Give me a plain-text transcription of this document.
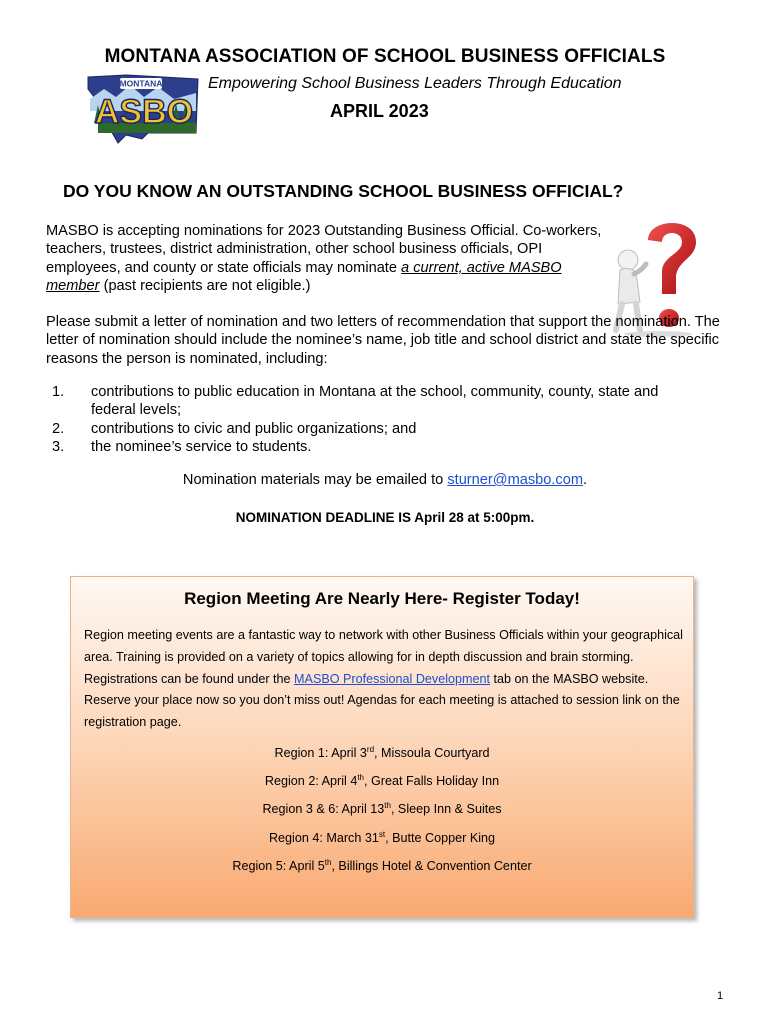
MONTANA ASSOCIATION OF SCHOOL BUSINESS OFFICIALS
MONTANA
ASBO
Empowering School Business Leaders Through Education
APRIL 2023
DO YOU KNOW AN OUTSTANDING SCHOOL BUSINESS OFFICIAL?
MASBO is accepting nominations for 2023 Outstanding Business Official. Co-workers, teachers, trustees, district administration, other school business officials, OPI employees, and county or state officials may nominate a current, active MASBO member (past recipients are not eligible.)
Please submit a letter of nomination and two letters of recommendation that support the nomination. The letter of nomination should include the nominee’s name, job title and school district and state the specific reasons the person is nominated, including:
1. contributions to public education in Montana at the school, community, county, state and federal levels;
2. contributions to civic and public organizations; and
3. the nominee’s service to students.
Nomination materials may be emailed to sturner@masbo.com.
NOMINATION DEADLINE IS April 28 at 5:00pm.
Region Meeting Are Nearly Here- Register Today!
Region meeting events are a fantastic way to network with other Business Officials within your geographical area. Training is provided on a variety of topics allowing for in depth discussion and brain storming. Registrations can be found under the MASBO Professional Development tab on the MASBO website. Reserve your place now so you don’t miss out! Agendas for each meeting is attached to session link on the registration page.
Region 1: April 3rd, Missoula Courtyard
Region 2: April 4th, Great Falls Holiday Inn
Region 3 & 6: April 13th, Sleep Inn & Suites
Region 4: March 31st, Butte Copper King
Region 5: April 5th, Billings Hotel & Convention Center
1
